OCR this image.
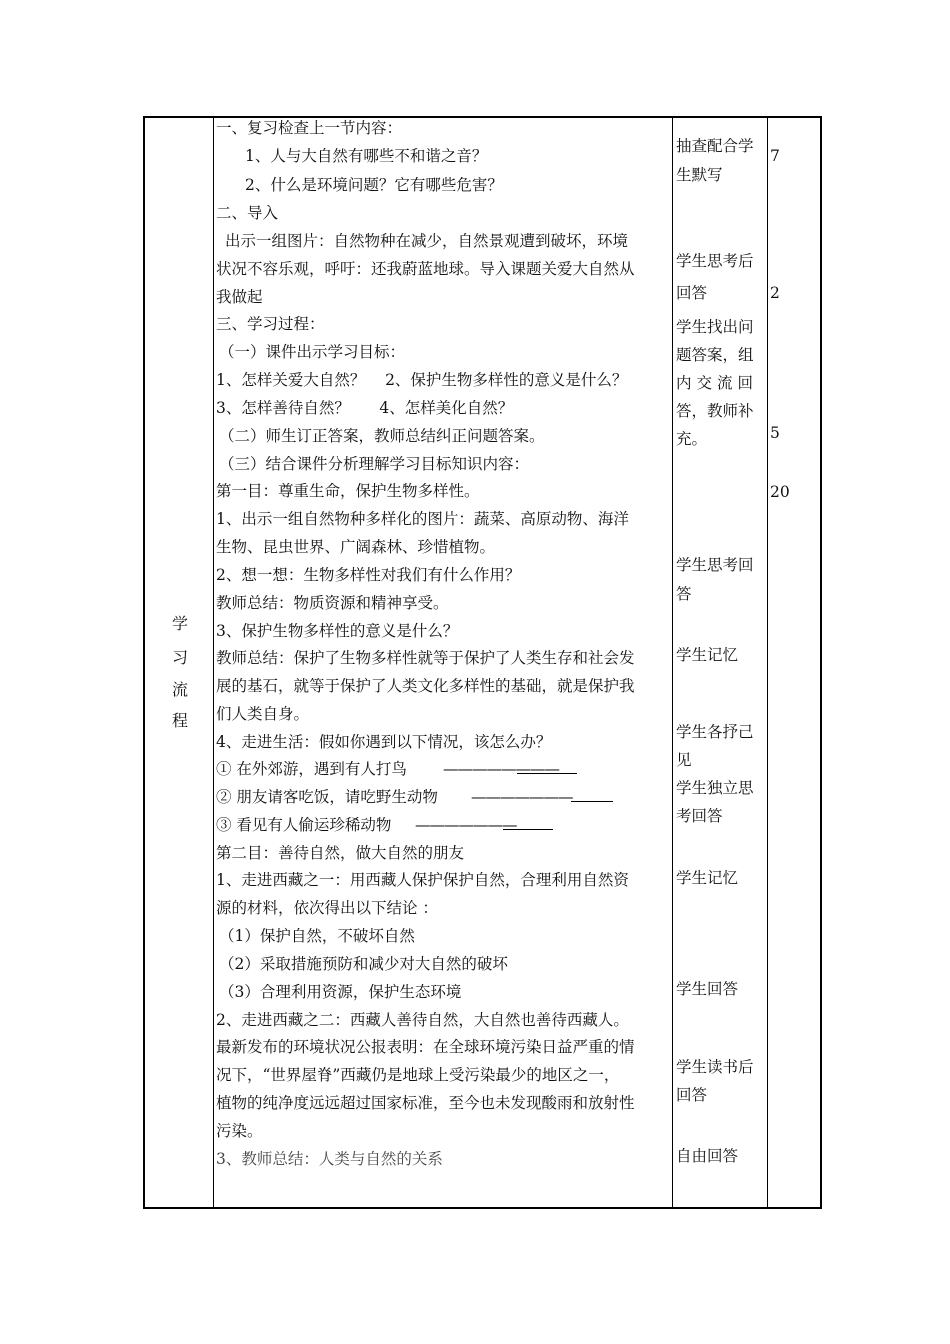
学
习
流
程
一、复习检查上一节内容：
1、人与大自然有哪些不和谐之音？
2、什么是环境问题？它有哪些危害？
二、导入
出示一组图片：自然物种在减少，自然景观遭到破坏，环境
状况不容乐观，呼吁：还我蔚蓝地球。导入课题关爱大自然从
我做起
三、学习过程：
（一）课件出示学习目标：
1、怎样关爱大自然？    2、保护生物多样性的意义是什么？
3、怎样善待自然？      4、怎样美化自然？
（二）师生订正答案，教师总结纠正问题答案。
（三）结合课件分析理解学习目标知识内容：
第一目：尊重生命，保护生物多样性。
1、出示一组自然物种多样化的图片：蔬菜、高原动物、海洋
生物、昆虫世界、广阔森林、珍惜植物。
2、想一想：生物多样性对我们有什么作用？
教师总结：物质资源和精神享受。
3、保护生物多样性的意义是什么？
教师总结：保护了生物多样性就等于保护了人类生存和社会发
展的基石，就等于保护了人类文化多样性的基础，就是保护我
们人类自身。
4、走进生活：假如你遇到以下情况，该怎么办？
① 在外郊游，遇到有人打鸟 ————————
② 朋友请客吃饭，请吃野生动物 ———————
③ 看见有人偷运珍稀动物 ———————
第二目：善待自然，做大自然的朋友
1、走进西藏之一：用西藏人保护保护自然，合理利用自然资
源的材料，依次得出以下结论 ：
（1）保护自然，不破坏自然
（2）采取措施预防和减少对大自然的破坏
（3）合理利用资源，保护生态环境
2、走进西藏之二：西藏人善待自然，大自然也善待西藏人。
最新发布的环境状况公报表明：在全球环境污染日益严重的情
况下，“世界屋脊”西藏仍是地球上受污染最少的地区之一，
植物的纯净度远远超过国家标准，至今也未发现酸雨和放射性
污染。
3、教师总结：人类与自然的关系
抽查配合学
生默写
学生思考后
回答
学生找出问
题答案，组
内交流回
答，教师补
充。
学生思考回
答
学生记忆
学生各抒己
见
学生独立思
考回答
学生记忆
学生回答
学生读书后
回答
自由回答
7
2
5
20
